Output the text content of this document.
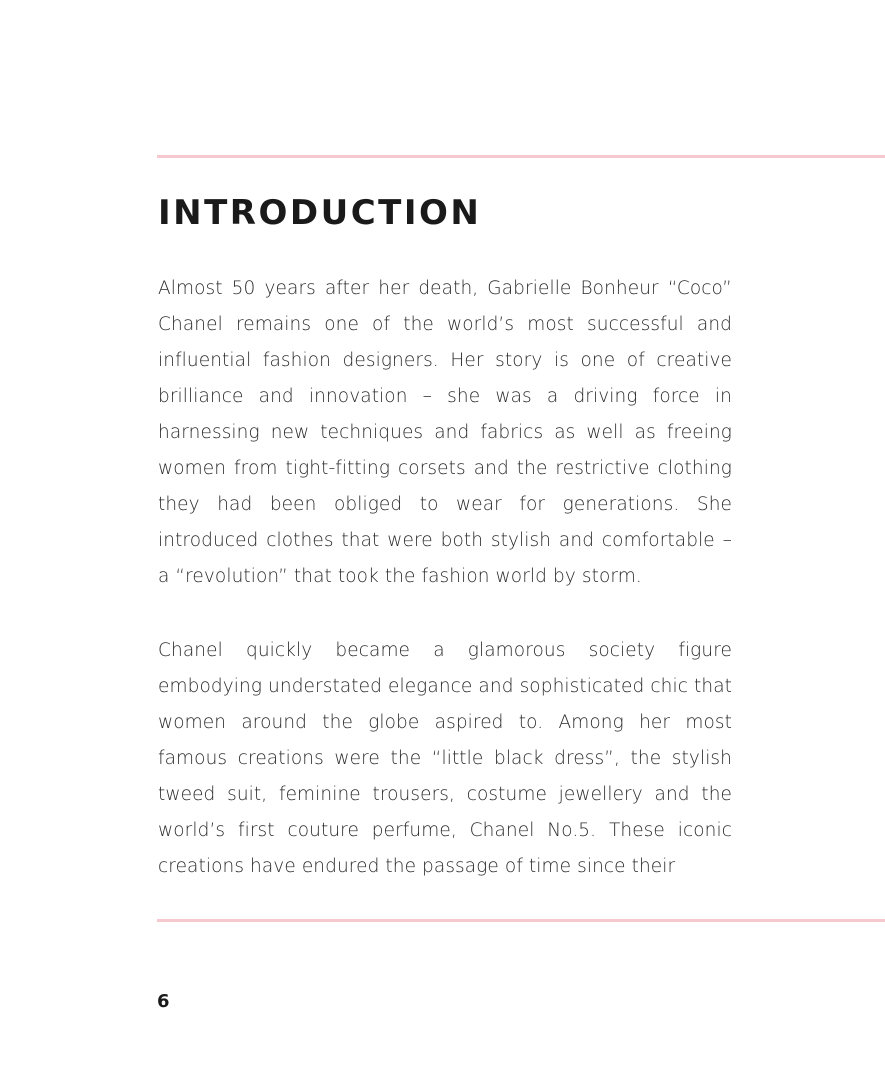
INTRODUCTION

Almost 50 years after her death, Gabrielle Bonheur “Coco” Chanel remains one of the world’s most successful and influential fashion designers. Her story is one of creative brilliance and innovation – she was a driving force in harnessing new techniques and fabrics as well as freeing women from tight-fitting corsets and the restrictive clothing they had been obliged to wear for generations. She introduced clothes that were both stylish and comfortable – a “revolution” that took the fashion world by storm.

Chanel quickly became a glamorous society figure embodying understated elegance and sophisticated chic that women around the globe aspired to. Among her most famous creations were the “little black dress”, the stylish tweed suit, feminine trousers, costume jewellery and the world’s first couture perfume, Chanel No.5. These iconic creations have endured the passage of time since their

6
